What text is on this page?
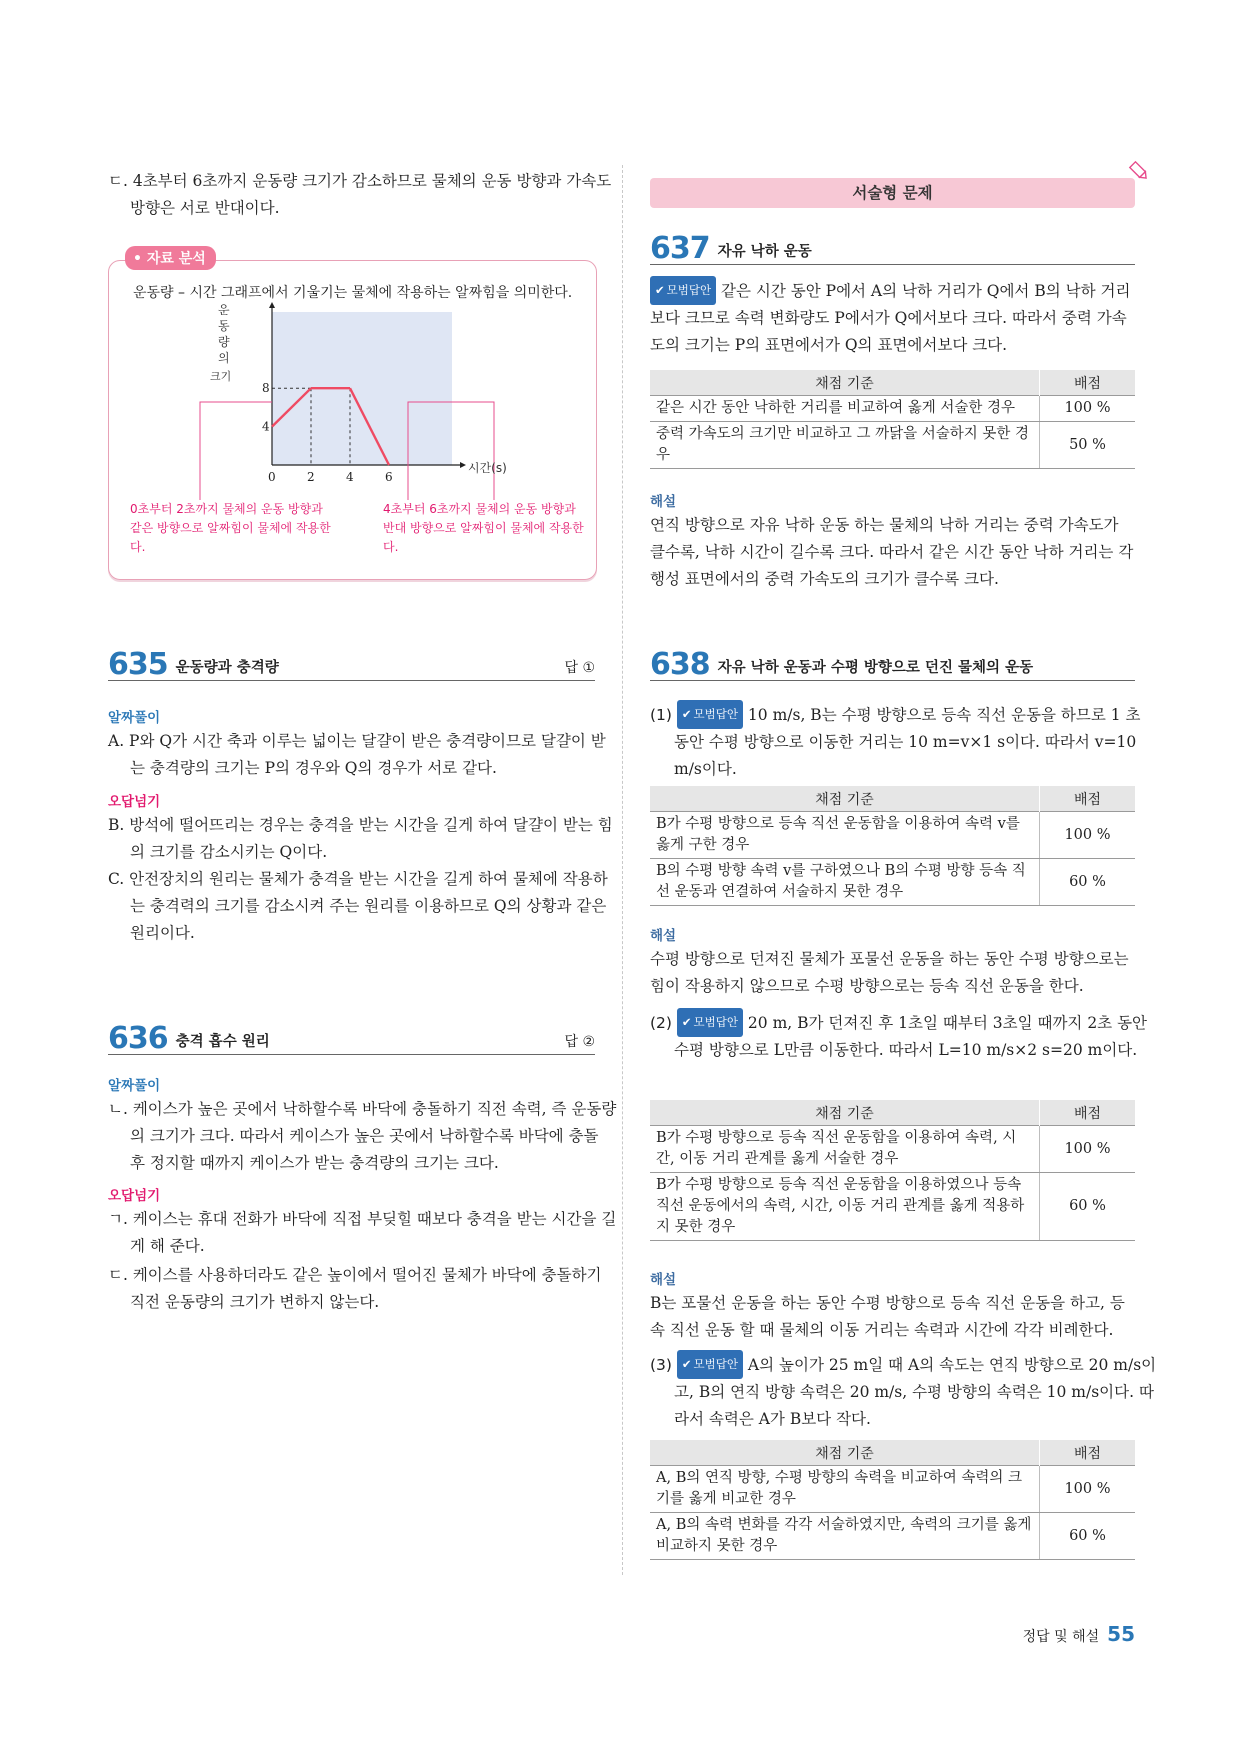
ㄷ. 4초부터 6초까지 운동량 크기가 감소하므로 물체의 운동 방향과 가속도 방향은 서로 반대이다.

• 자료 분석
운동량 – 시간 그래프에서 기울기는 물체에 작용하는 알짜힘을 의미한다.
0	2	4	6
4
8
운
동
량
의
크기
시간(s)
0초부터 2초까지 물체의 운동 방향과 같은 방향으로 알짜힘이 물체에 작용한다.
4초부터 6초까지 물체의 운동 방향과 반대 방향으로 알짜힘이 물체에 작용한다.
635 운동량과 충격량	답 ①
알짜풀이

A. P와 Q가 시간 축과 이루는 넓이는 달걀이 받은 충격량이므로 달걀이 받는 충격량의 크기는 P의 경우와 Q의 경우가 서로 같다.

오답넘기

B. 방석에 떨어뜨리는 경우는 충격을 받는 시간을 길게 하여 달걀이 받는 힘의 크기를 감소시키는 Q이다.

C. 안전장치의 원리는 물체가 충격을 받는 시간을 길게 하여 물체에 작용하는 충격력의 크기를 감소시켜 주는 원리를 이용하므로 Q의 상황과 같은 원리이다.

636 충격 흡수 원리	답 ②
알짜풀이

ㄴ. 케이스가 높은 곳에서 낙하할수록 바닥에 충돌하기 직전 속력, 즉 운동량의 크기가 크다. 따라서 케이스가 높은 곳에서 낙하할수록 바닥에 충돌 후 정지할 때까지 케이스가 받는 충격량의 크기는 크다.

오답넘기

ㄱ. 케이스는 휴대 전화가 바닥에 직접 부딪힐 때보다 충격을 받는 시간을 길게 해 준다.

ㄷ. 케이스를 사용하더라도 같은 높이에서 떨어진 물체가 바닥에 충돌하기 직전 운동량의 크기가 변하지 않는다.

서술형 문제
637 자유 낙하 운동

✔ 모범답안 같은 시간 동안 P에서 A의 낙하 거리가 Q에서 B의 낙하 거리보다 크므로 속력 변화량도 P에서가 Q에서보다 크다. 따라서 중력 가속도의 크기는 P의 표면에서가 Q의 표면에서보다 크다.

채점 기준	배점
같은 시간 동안 낙하한 거리를 비교하여 옳게 서술한 경우	100 %
중력 가속도의 크기만 비교하고 그 까닭을 서술하지 못한 경우	50 %
해설

연직 방향으로 자유 낙하 운동 하는 물체의 낙하 거리는 중력 가속도가 클수록, 낙하 시간이 길수록 크다. 따라서 같은 시간 동안 낙하 거리는 각 행성 표면에서의 중력 가속도의 크기가 클수록 크다.

638 자유 낙하 운동과 수평 방향으로 던진 물체의 운동

(1) ✔ 모범답안 10 m/s, B는 수평 방향으로 등속 직선 운동을 하므로 1 초 동안 수평 방향으로 이동한 거리는 10 m=v×1 s이다. 따라서 v=10 m/s이다.

채점 기준	배점
B가 수평 방향으로 등속 직선 운동함을 이용하여 속력 v를 옳게 구한 경우	100 %
B의 수평 방향 속력 v를 구하였으나 B의 수평 방향 등속 직선 운동과 연결하여 서술하지 못한 경우	60 %
해설

수평 방향으로 던져진 물체가 포물선 운동을 하는 동안 수평 방향으로는 힘이 작용하지 않으므로 수평 방향으로는 등속 직선 운동을 한다.

(2) ✔ 모범답안 20 m, B가 던져진 후 1초일 때부터 3초일 때까지 2초 동안 수평 방향으로 L만큼 이동한다. 따라서 L=10 m/s×2 s=20 m이다.

채점 기준	배점
B가 수평 방향으로 등속 직선 운동함을 이용하여 속력, 시간, 이동 거리 관계를 옳게 서술한 경우	100 %
B가 수평 방향으로 등속 직선 운동함을 이용하였으나 등속 직선 운동에서의 속력, 시간, 이동 거리 관계를 옳게 적용하지 못한 경우	60 %
해설

B는 포물선 운동을 하는 동안 수평 방향으로 등속 직선 운동을 하고, 등속 직선 운동 할 때 물체의 이동 거리는 속력과 시간에 각각 비례한다.

(3) ✔ 모범답안 A의 높이가 25 m일 때 A의 속도는 연직 방향으로 20 m/s이고, B의 연직 방향 속력은 20 m/s, 수평 방향의 속력은 10 m/s이다. 따라서 속력은 A가 B보다 작다.

채점 기준	배점
A, B의 연직 방향, 수평 방향의 속력을 비교하여 속력의 크기를 옳게 비교한 경우	100 %
A, B의 속력 변화를 각각 서술하였지만, 속력의 크기를 옳게 비교하지 못한 경우	60 %
정답 및 해설 55
